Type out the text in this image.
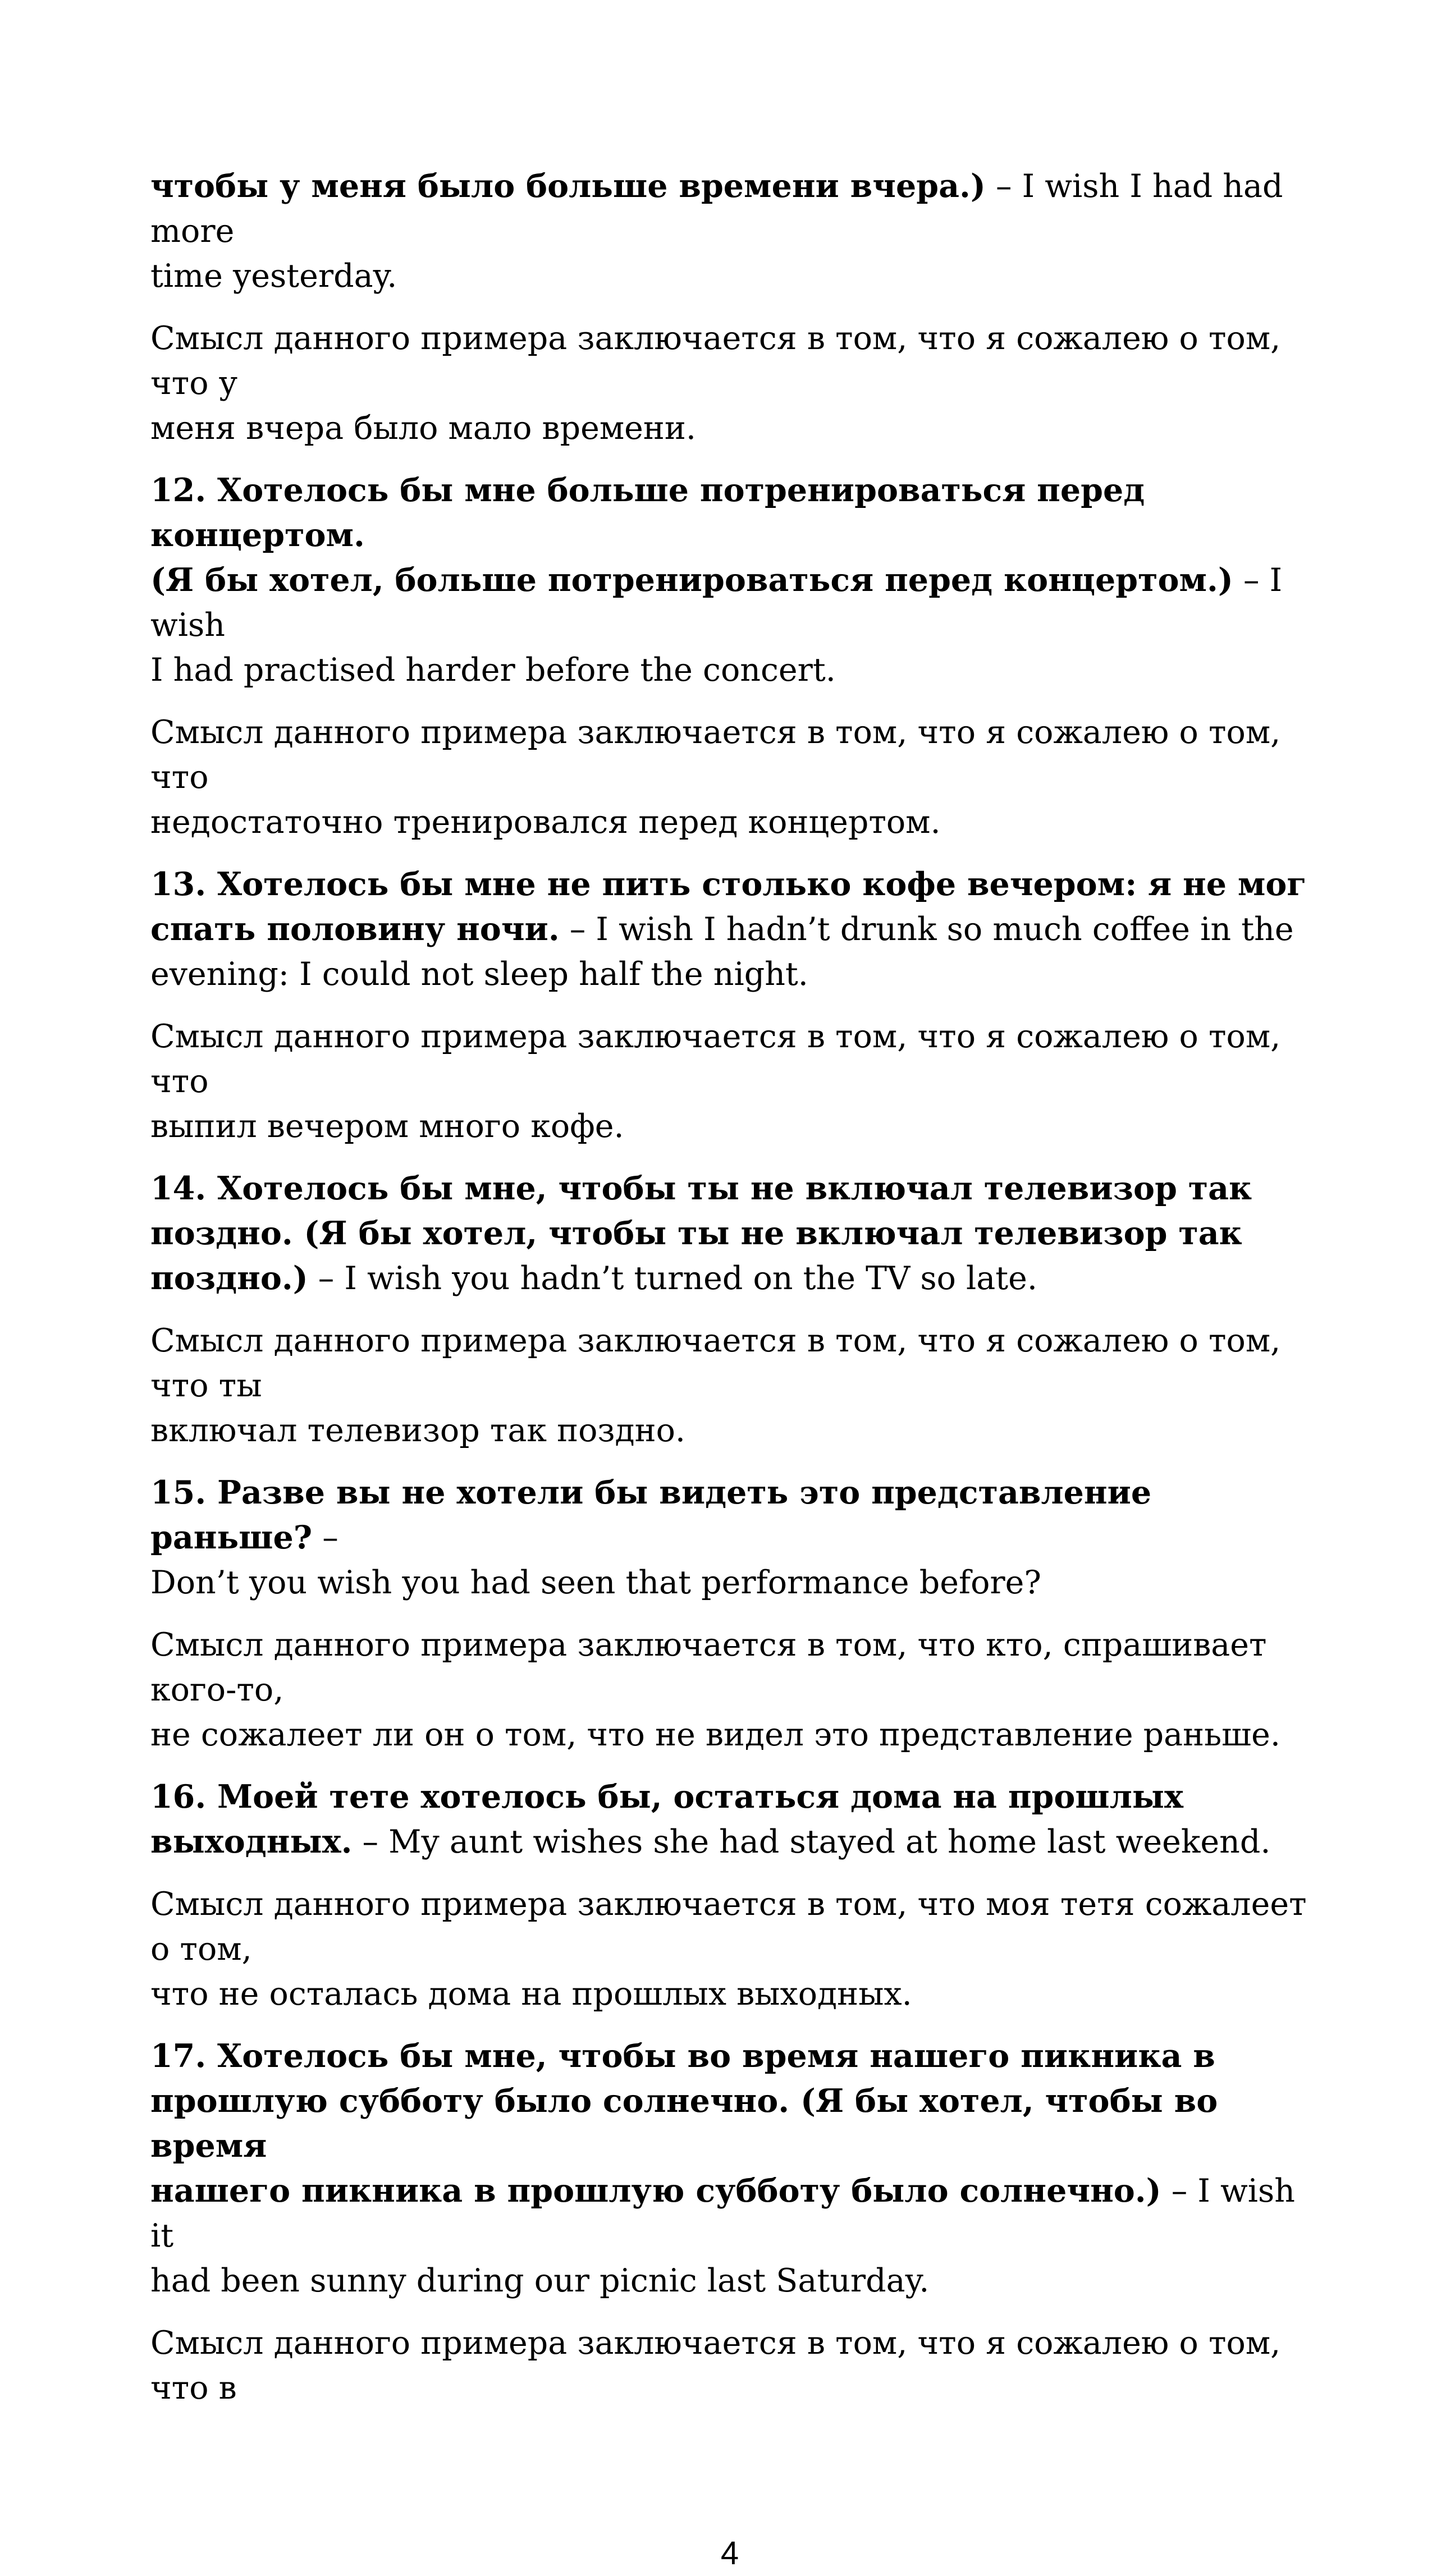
чтобы у меня было больше времени вчера.) – I wish I had had more
time yesterday.

Смысл данного примера заключается в том, что я сожалею о том, что у
меня вчера было мало времени.

12. Хотелось бы мне больше потренироваться перед концертом.
(Я бы хотел, больше потренироваться перед концертом.) – I wish
I had practised harder before the concert.

Смысл данного примера заключается в том, что я сожалею о том, что
недостаточно тренировался перед концертом.

13. Хотелось бы мне не пить столько кофе вечером: я не мог
спать половину ночи. – I wish I hadn’t drunk so much coffee in the
evening: I could not sleep half the night.

Смысл данного примера заключается в том, что я сожалею о том, что
выпил вечером много кофе.

14. Хотелось бы мне, чтобы ты не включал телевизор так
поздно. (Я бы хотел, чтобы ты не включал телевизор так
поздно.) – I wish you hadn’t turned on the TV so late.

Смысл данного примера заключается в том, что я сожалею о том, что ты
включал телевизор так поздно.

15. Разве вы не хотели бы видеть это представление раньше? –
Don’t you wish you had seen that performance before?

Смысл данного примера заключается в том, что кто, спрашивает кого-то,
не сожалеет ли он о том, что не видел это представление раньше.

16. Моей тете хотелось бы, остаться дома на прошлых
выходных. – My aunt wishes she had stayed at home last weekend.

Смысл данного примера заключается в том, что моя тетя сожалеет о том,
что не осталась дома на прошлых выходных.

17. Хотелось бы мне, чтобы во время нашего пикника в
прошлую субботу было солнечно. (Я бы хотел, чтобы во время
нашего пикника в прошлую субботу было солнечно.) – I wish it
had been sunny during our picnic last Saturday.

Смысл данного примера заключается в том, что я сожалею о том, что в

4
